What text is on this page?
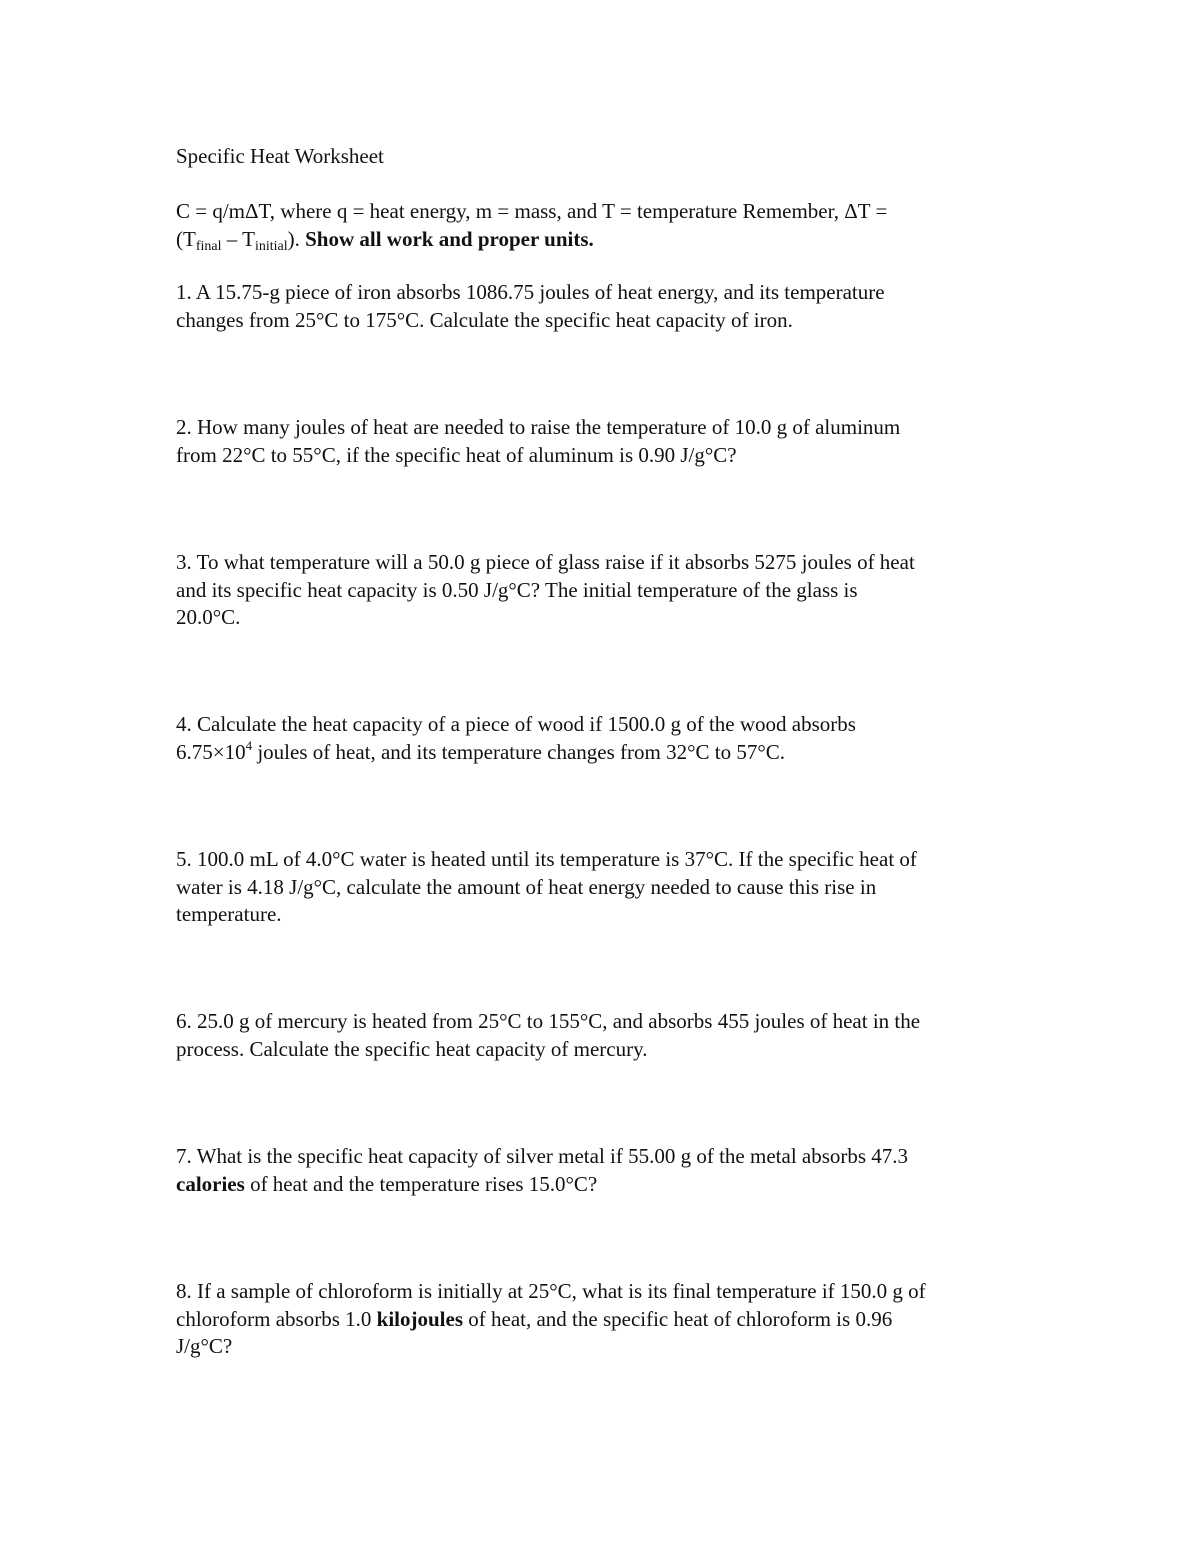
Specific Heat Worksheet
C = q/mΔT, where q = heat energy, m = mass, and T = temperature Remember, ΔT =
$(T_{final} - T_{initial})$. Show all work and proper units.
1. A 15.75-g piece of iron absorbs 1086.75 joules of heat energy, and its temperature
changes from 25°C to 175°C. Calculate the specific heat capacity of iron.
2. How many joules of heat are needed to raise the temperature of 10.0 g of aluminum
from 22°C to 55°C, if the specific heat of aluminum is 0.90 J/g°C?
3. To what temperature will a 50.0 g piece of glass raise if it absorbs 5275 joules of heat
and its specific heat capacity is 0.50 J/g°C? The initial temperature of the glass is
20.0°C.
4. Calculate the heat capacity of a piece of wood if 1500.0 g of the wood absorbs
$6.75\times 10^4$ joules of heat, and its temperature changes from 32°C to 57°C.
5. 100.0 mL of 4.0°C water is heated until its temperature is 37°C. If the specific heat of
water is 4.18 J/g°C, calculate the amount of heat energy needed to cause this rise in
temperature.
6. 25.0 g of mercury is heated from 25°C to 155°C, and absorbs 455 joules of heat in the
process. Calculate the specific heat capacity of mercury.
7. What is the specific heat capacity of silver metal if 55.00 g of the metal absorbs 47.3
calories of heat and the temperature rises 15.0°C?
8. If a sample of chloroform is initially at 25°C, what is its final temperature if 150.0 g of
chloroform absorbs 1.0 kilojoules of heat, and the specific heat of chloroform is 0.96
J/g°C?
